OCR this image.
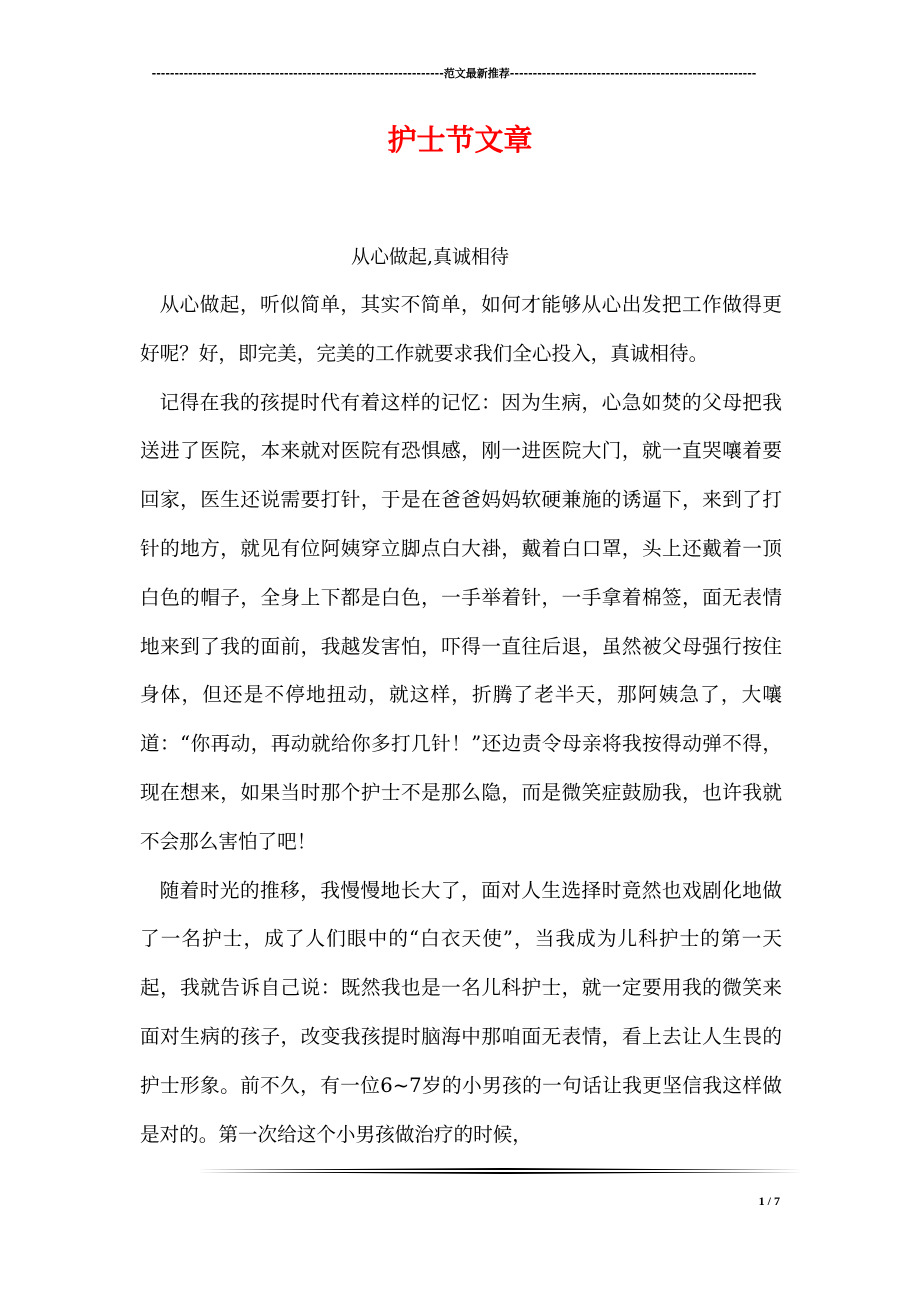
----------------------------------------------------------------范文最新推荐------------------------------------------------------
护士节文章
从心做起,真诚相待

从心做起，听似简单，其实不简单，如何才能够从心出发把工作做得更好呢？好，即完美，完美的工作就要求我们全心投入，真诚相待。

记得在我的孩提时代有着这样的记忆：因为生病，心急如焚的父母把我送进了医院，本来就对医院有恐惧感，刚一进医院大门，就一直哭嚷着要回家，医生还说需要打针，于是在爸爸妈妈软硬兼施的诱逼下，来到了打针的地方，就见有位阿姨穿立脚点白大褂，戴着白口罩，头上还戴着一顶白色的帽子，全身上下都是白色，一手举着针，一手拿着棉签，面无表情地来到了我的面前，我越发害怕，吓得一直往后退，虽然被父母强行按住身体，但还是不停地扭动，就这样，折腾了老半天，那阿姨急了，大嚷道：“你再动，再动就给你多打几针！”还边责令母亲将我按得动弹不得，现在想来，如果当时那个护士不是那么隐，而是微笑症鼓励我，也许我就不会那么害怕了吧！

随着时光的推移，我慢慢地长大了，面对人生选择时竟然也戏剧化地做了一名护士，成了人们眼中的“白衣天使”，当我成为儿科护士的第一天起，我就告诉自己说：既然我也是一名儿科护士，就一定要用我的微笑来面对生病的孩子，改变我孩提时脑海中那咱面无表情，看上去让人生畏的护士形象。前不久，有一位6~7岁的小男孩的一句话让我更坚信我这样做是对的。第一次给这个小男孩做治疗的时候，

1 / 7
